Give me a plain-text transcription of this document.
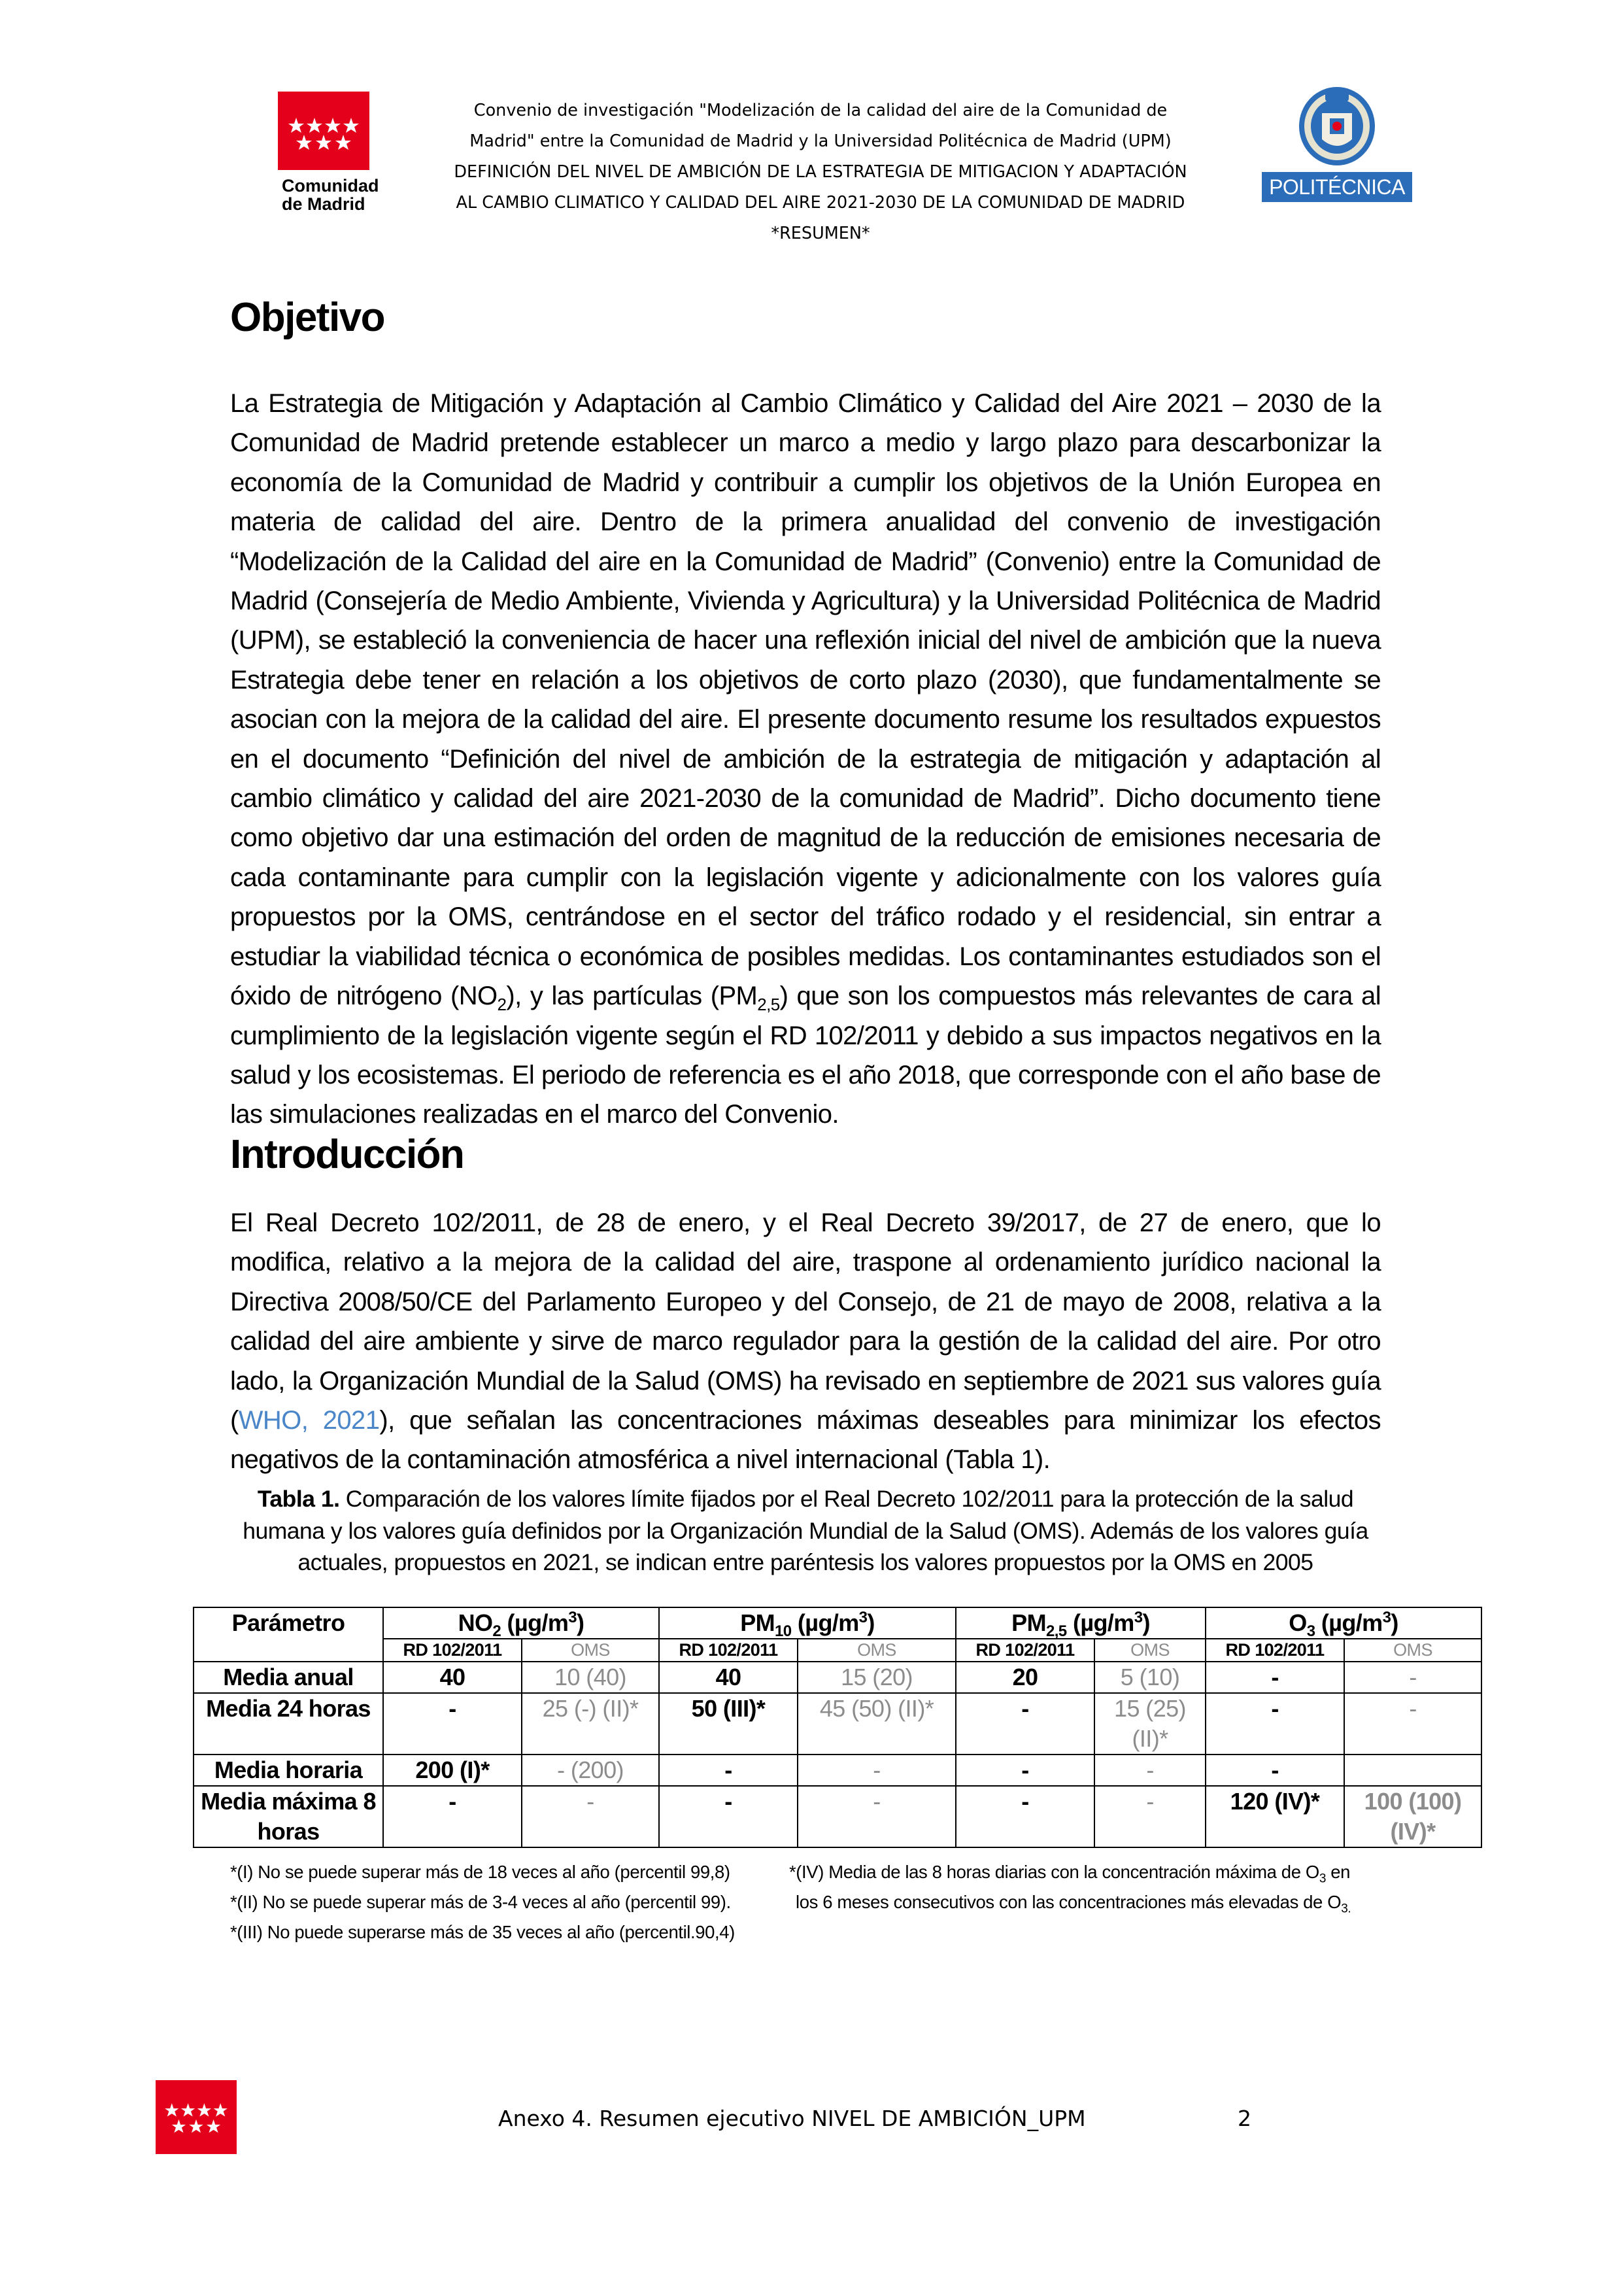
Comunidad
de Madrid
Convenio de investigación "Modelización de la calidad del aire de la Comunidad de
Madrid" entre la Comunidad de Madrid y la Universidad Politécnica de Madrid (UPM)
DEFINICIÓN DEL NIVEL DE AMBICIÓN DE LA ESTRATEGIA DE MITIGACION Y ADAPTACIÓN
AL CAMBIO CLIMATICO Y CALIDAD DEL AIRE 2021-2030 DE LA COMUNIDAD DE MADRID
*RESUMEN*
POLITÉCNICA
Objetivo

La Estrategia de Mitigación y Adaptación al Cambio Climático y Calidad del Aire 2021 – 2030 de la Comunidad de Madrid pretende establecer un marco a medio y largo plazo para descarbonizar la economía de la Comunidad de Madrid y contribuir a cumplir los objetivos de la Unión Europea en materia de calidad del aire. Dentro de la primera anualidad del convenio de investigación “Modelización de la Calidad del aire en la Comunidad de Madrid” (Convenio) entre la Comunidad de Madrid (Consejería de Medio Ambiente, Vivienda y Agricultura) y la Universidad Politécnica de Madrid (UPM), se estableció la conveniencia de hacer una reflexión inicial del nivel de ambición que la nueva Estrategia debe tener en relación a los objetivos de corto plazo (2030), que fundamentalmente se asocian con la mejora de la calidad del aire. El presente documento resume los resultados expuestos en el documento “Definición del nivel de ambición de la estrategia de mitigación y adaptación al cambio climático y calidad del aire 2021-2030 de la comunidad de Madrid”. Dicho documento tiene como objetivo dar una estimación del orden de magnitud de la reducción de emisiones necesaria de cada contaminante para cumplir con la legislación vigente y adicionalmente con los valores guía propuestos por la OMS, centrándose en el sector del tráfico rodado y el residencial, sin entrar a estudiar la viabilidad técnica o económica de posibles medidas. Los contaminantes estudiados son el óxido de nitrógeno $(NO_2)$, y las partículas $(PM_{2,5})$ que son los compuestos más relevantes de cara al cumplimiento de la legislación vigente según el RD 102/2011 y debido a sus impactos negativos en la salud y los ecosistemas. El periodo de referencia es el año 2018, que corresponde con el año base de las simulaciones realizadas en el marco del Convenio.

Introducción

El Real Decreto 102/2011, de 28 de enero, y el Real Decreto 39/2017, de 27 de enero, que lo modifica, relativo a la mejora de la calidad del aire, traspone al ordenamiento jurídico nacional la Directiva 2008/50/CE del Parlamento Europeo y del Consejo, de 21 de mayo de 2008, relativa a la calidad del aire ambiente y sirve de marco regulador para la gestión de la calidad del aire. Por otro lado, la Organización Mundial de la Salud (OMS) ha revisado en septiembre de 2021 sus valores guía (WHO, 2021), que señalan las concentraciones máximas deseables para minimizar los efectos negativos de la contaminación atmosférica a nivel internacional (Tabla 1).

Tabla 1. Comparación de los valores límite fijados por el Real Decreto 102/2011 para la protección de la salud humana y los valores guía definidos por la Organización Mundial de la Salud (OMS). Además de los valores guía actuales, propuestos en 2021, se indican entre paréntesis los valores propuestos por la OMS en 2005
Parámetro	$NO_2$ $(\mu g/m^3)$		$PM_{10}$ $(\mu g/m^3)$		$PM_{2,5}$ $(\mu g/m^3)$		$O_3$ $(\mu g/m^3)$	
	RD 102/2011	OMS	RD 102/2011	OMS	RD 102/2011	OMS	RD 102/2011	OMS
Media anual	40	10 (40)	40	15 (20)	20	5 (10)	-	-
Media 24 horas	-	25 (-) (II)*	50 (III)*	45 (50) (II)*	-	15 (25) (II)*	-	-
Media horaria	200 (I)*	- (200)	-	-	-	-	-	
Media máxima 8 horas	-	-	-	-	-	-	120 (IV)*	100 (100) (IV)*
*(I) No se puede superar más de 18 veces al año (percentil 99,8)
*(II) No se puede superar más de 3-4 veces al año (percentil 99).
*(III) No puede superarse más de 35 veces al año (percentil.90,4)
*(IV) Media de las 8 horas diarias con la concentración máxima de $O_3$ en
los 6 meses consecutivos con las concentraciones más elevadas de $O_{3.}$
Anexo 4. Resumen ejecutivo NIVEL DE AMBICIÓN_UPM	2
